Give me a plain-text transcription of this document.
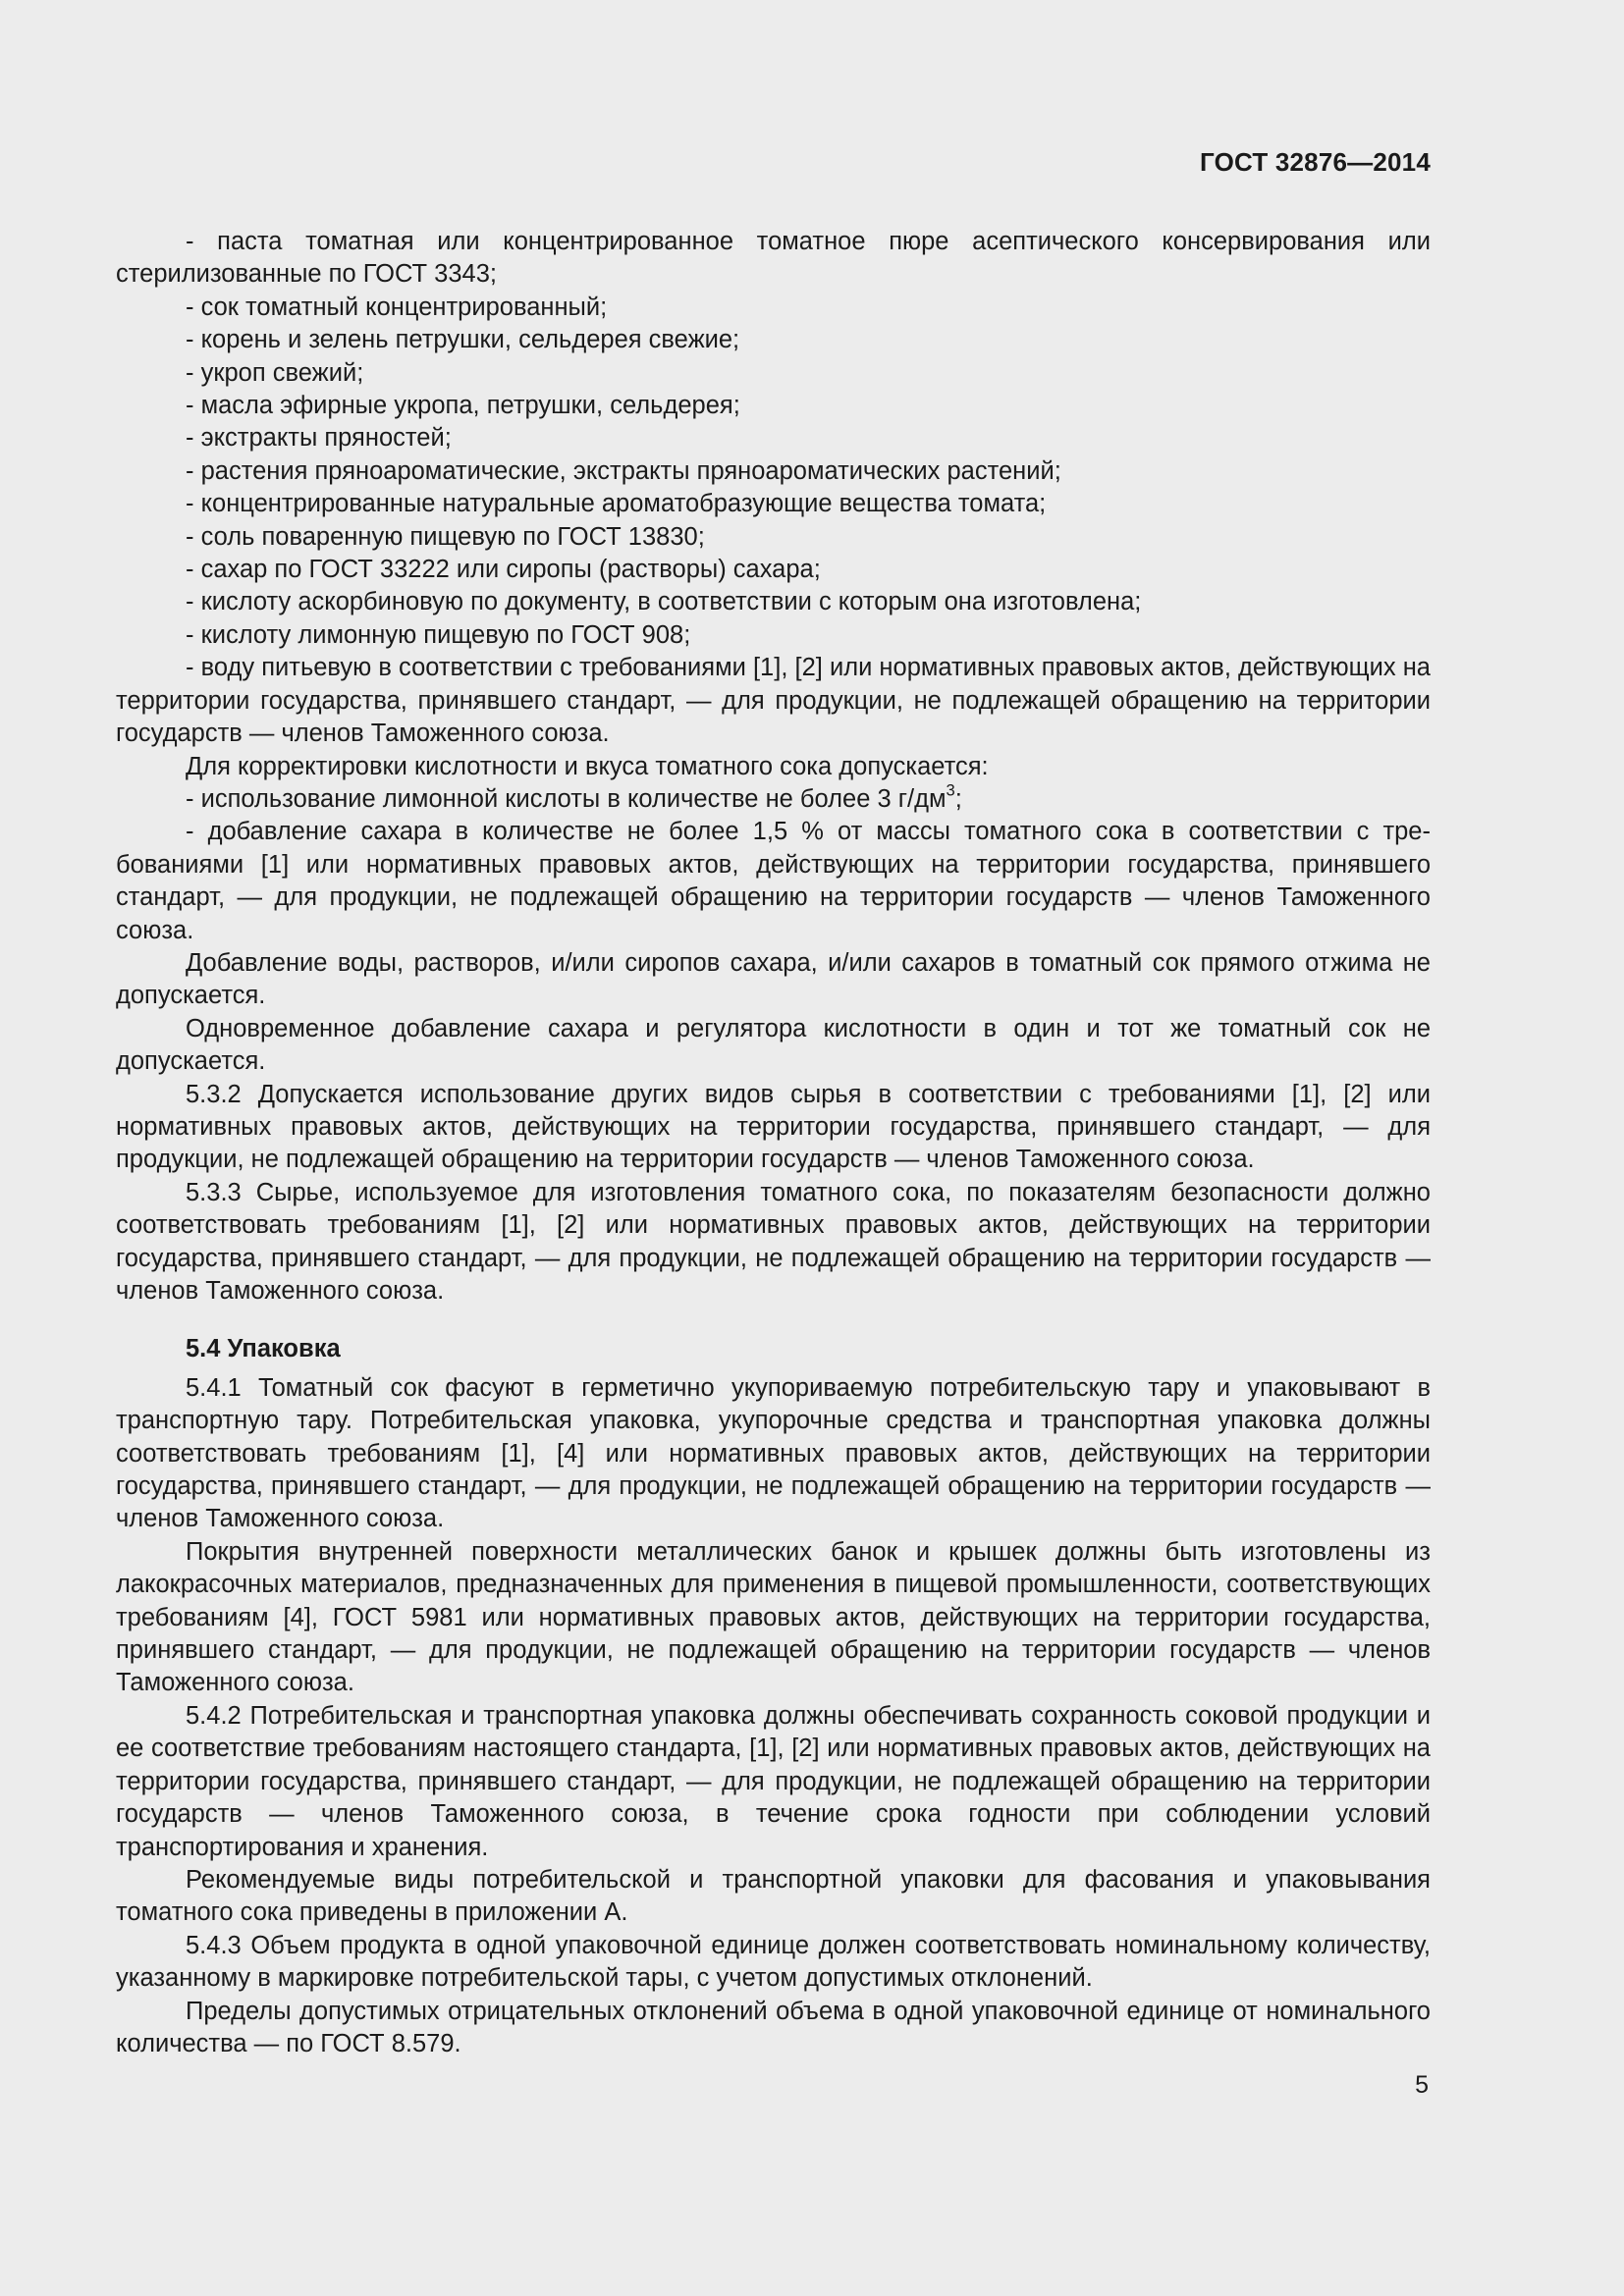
ГОСТ 32876—2014

- паста томатная или концентрированное томатное пюре асептического консервирования или стерилизованные по ГОСТ 3343;

- сок томатный концентрированный;

- корень и зелень петрушки, сельдерея свежие;

- укроп свежий;

- масла эфирные укропа, петрушки, сельдерея;

- экстракты пряностей;

- растения пряноароматические, экстракты пряноароматических растений;

- концентрированные натуральные ароматобразующие вещества томата;

- соль поваренную пищевую по ГОСТ 13830;

- сахар по ГОСТ 33222 или сиропы (растворы) сахара;

- кислоту аскорбиновую по документу, в соответствии с которым она изготовлена;

- кислоту лимонную пищевую по ГОСТ 908;

- воду питьевую в соответствии с требованиями [1], [2] или нормативных правовых актов, действующих на территории государства, принявшего стандарт, — для продукции, не подлежащей обращению на территории государств — членов Таможенного союза.

Для корректировки кислотности и вкуса томатного сока допускается:

- использование лимонной кислоты в количестве не более 3 $г/дм^3$;

- добавление сахара в количестве не более 1,5 % от массы томатного сока в соответствии с требованиями [1] или нормативных правовых актов, действующих на территории государства, принявшего стандарт, — для продукции, не подлежащей обращению на территории государств — членов Таможенного союза.

Добавление воды, растворов, и/или сиропов сахара, и/или сахаров в томатный сок прямого отжима не допускается.

Одновременное добавление сахара и регулятора кислотности в один и тот же томатный сок не допускается.

5.3.2 Допускается использование других видов сырья в соответствии с требованиями [1], [2] или нормативных правовых актов, действующих на территории государства, принявшего стандарт, — для продукции, не подлежащей обращению на территории государств — членов Таможенного союза.

5.3.3 Сырье, используемое для изготовления томатного сока, по показателям безопасности должно соответствовать требованиям [1], [2] или нормативных правовых актов, действующих на территории государства, принявшего стандарт, — для продукции, не подлежащей обращению на территории государств — членов Таможенного союза.

5.4 Упаковка

5.4.1 Томатный сок фасуют в герметично укупориваемую потребительскую тару и упаковывают в транспортную тару. Потребительская упаковка, укупорочные средства и транспортная упаковка должны соответствовать требованиям [1], [4] или нормативных правовых актов, действующих на территории государства, принявшего стандарт, — для продукции, не подлежащей обращению на территории государств — членов Таможенного союза.

Покрытия внутренней поверхности металлических банок и крышек должны быть изготовлены из лакокрасочных материалов, предназначенных для применения в пищевой промышленности, соответствующих требованиям [4], ГОСТ 5981 или нормативных правовых актов, действующих на территории государства, принявшего стандарт, — для продукции, не подлежащей обращению на территории государств — членов Таможенного союза.

5.4.2 Потребительская и транспортная упаковка должны обеспечивать сохранность соковой продукции и ее соответствие требованиям настоящего стандарта, [1], [2] или нормативных правовых актов, действующих на территории государства, принявшего стандарт, — для продукции, не подлежащей обращению на территории государств — членов Таможенного союза, в течение срока годности при соблюдении условий транспортирования и хранения.

Рекомендуемые виды потребительской и транспортной упаковки для фасования и упаковывания томатного сока приведены в приложении А.

5.4.3 Объем продукта в одной упаковочной единице должен соответствовать номинальному количеству, указанному в маркировке потребительской тары, с учетом допустимых отклонений.

Пределы допустимых отрицательных отклонений объема в одной упаковочной единице от номинального количества — по ГОСТ 8.579.

5
